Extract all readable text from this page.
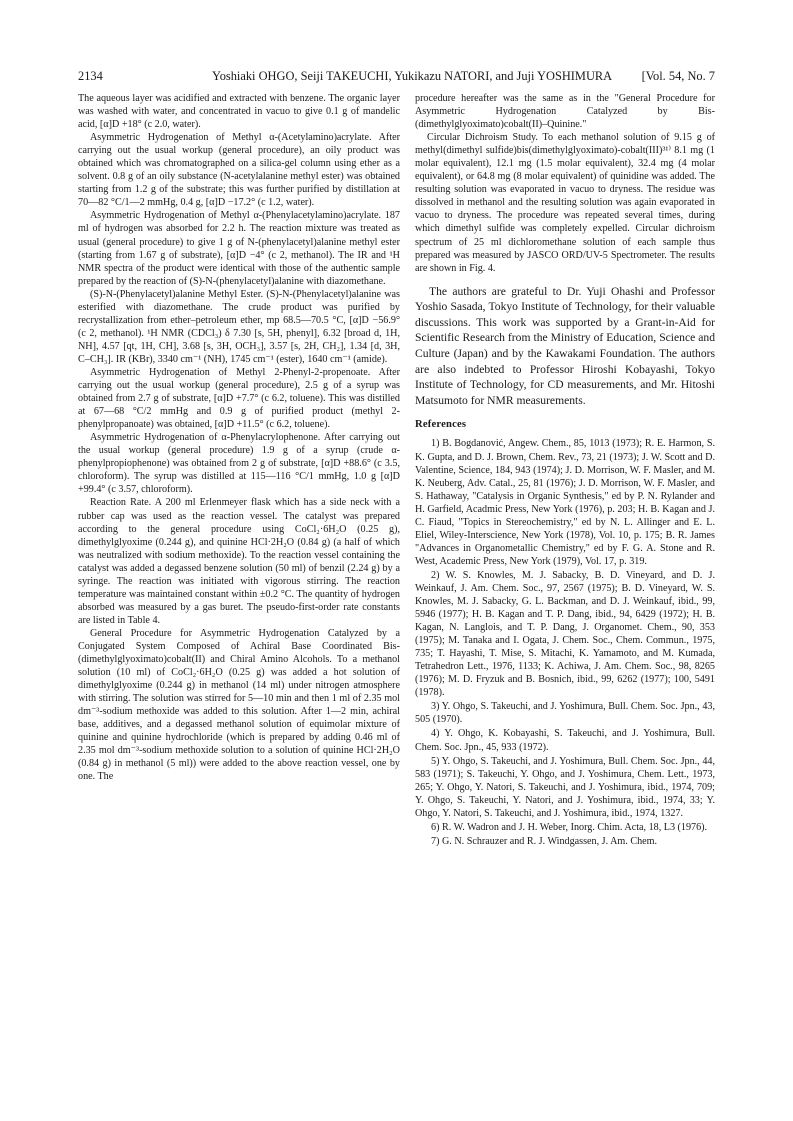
2134	Yoshiaki OHGO, Seiji TAKEUCHI, Yukikazu NATORI, and Juji YOSHIMURA [Vol. 54, No. 7

The aqueous layer was acidified and extracted with benzene. The organic layer was washed with water, and concentrated in vacuo to give 0.1 g of mandelic acid, [α]D +18° (c 2.0, water).

Asymmetric Hydrogenation of Methyl α-(Acetylamino)acrylate. After carrying out the usual workup (general procedure), an oily product was obtained which was chromatographed on a silica-gel column using ether as a solvent. 0.8 g of an oily substance (N-acetylalanine methyl ester) was obtained starting from 1.2 g of the substrate; this was further purified by distillation at 70—82 °C/1—2 mmHg, 0.4 g, [α]D −17.2° (c 1.2, water).

Asymmetric Hydrogenation of Methyl α-(Phenylacetylamino)acrylate. 187 ml of hydrogen was absorbed for 2.2 h. The reaction mixture was treated as usual (general procedure) to give 1 g of N-(phenylacetyl)alanine methyl ester (starting from 1.67 g of substrate), [α]D −4° (c 2, methanol). The IR and ¹H NMR spectra of the product were identical with those of the authentic sample prepared by the reaction of (S)-N-(phenylacetyl)alanine with diazomethane.

(S)-N-(Phenylacetyl)alanine Methyl Ester. (S)-N-(Phenylacetyl)alanine was esterified with diazomethane. The crude product was purified by recrystallization from ether–petroleum ether, mp 68.5—70.5 °C, [α]D −56.9° (c 2, methanol). ¹H NMR (CDCl₃) δ 7.30 [s, 5H, phenyl], 6.32 [broad d, 1H, NH], 4.57 [qt, 1H, CH], 3.68 [s, 3H, OCH₃], 3.57 [s, 2H, CH₂], 1.34 [d, 3H, C–CH₃]. IR (KBr), 3340 cm⁻¹ (NH), 1745 cm⁻¹ (ester), 1640 cm⁻¹ (amide).

Asymmetric Hydrogenation of Methyl 2-Phenyl-2-propenoate. After carrying out the usual workup (general procedure), 2.5 g of a syrup was obtained from 2.7 g of substrate, [α]D +7.7° (c 6.2, toluene). This was distilled at 67—68 °C/2 mmHg and 0.9 g of purified product (methyl 2-phenylpropanoate) was obtained, [α]D +11.5° (c 6.2, toluene).

Asymmetric Hydrogenation of α-Phenylacrylophenone. After carrying out the usual workup (general procedure) 1.9 g of a syrup (crude α-phenylpropiophenone) was obtained from 2 g of substrate, [α]D +88.6° (c 3.5, chloroform). The syrup was distilled at 115—116 °C/1 mmHg, 1.0 g [α]D +99.4° (c 3.57, chloroform).

Reaction Rate. A 200 ml Erlenmeyer flask which has a side neck with a rubber cap was used as the reaction vessel. The catalyst was prepared according to the general procedure using CoCl₂·6H₂O (0.25 g), dimethylglyoxime (0.244 g), and quinine HCl·2H₂O (0.84 g) (a half of which was neutralized with sodium methoxide). To the reaction vessel containing the catalyst was added a degassed benzene solution (50 ml) of benzil (2.24 g) by a syringe. The reaction was initiated with vigorous stirring. The reaction temperature was maintained constant within ±0.2 °C. The quantity of hydrogen absorbed was measured by a gas buret. The pseudo-first-order rate constants are listed in Table 4.

General Procedure for Asymmetric Hydrogenation Catalyzed by a Conjugated System Composed of Achiral Base Coordinated Bis-(dimethylglyoximato)cobalt(II) and Chiral Amino Alcohols. To a methanol solution (10 ml) of CoCl₂·6H₂O (0.25 g) was added a hot solution of dimethylglyoxime (0.244 g) in methanol (14 ml) under nitrogen atmosphere with stirring. The solution was stirred for 5—10 min and then 1 ml of 2.35 mol dm⁻³-sodium methoxide was added to this solution. After 1—2 min, achiral base, additives, and a degassed methanol solution of equimolar mixture of quinine and quinine hydrochloride (which is prepared by adding 0.46 ml of 2.35 mol dm⁻³-sodium methoxide solution to a solution of quinine HCl·2H₂O (0.84 g) in methanol (5 ml)) were added to the above reaction vessel, one by one. The

procedure hereafter was the same as in the "General Procedure for Asymmetric Hydrogenation Catalyzed by Bis-(dimethylglyoximato)cobalt(II)–Quinine."

Circular Dichroism Study. To each methanol solution of 9.15 g of methyl(dimethyl sulfide)bis(dimethylglyoximato)-cobalt(III)³¹⁾ 8.1 mg (1 molar equivalent), 12.1 mg (1.5 molar equivalent), 32.4 mg (4 molar equivalent), or 64.8 mg (8 molar equivalent) of quinidine was added. The resulting solution was evaporated in vacuo to dryness. The residue was dissolved in methanol and the resulting solution was again evaporated in vacuo to dryness. The procedure was repeated several times, during which dimethyl sulfide was completely expelled. Circular dichroism spectrum of 25 ml dichloromethane solution of each sample thus prepared was measured by JASCO ORD/UV-5 Spectrometer. The results are shown in Fig. 4.

The authors are grateful to Dr. Yuji Ohashi and Professor Yoshio Sasada, Tokyo Institute of Technology, for their valuable discussions. This work was supported by a Grant-in-Aid for Scientific Research from the Ministry of Education, Science and Culture (Japan) and by the Kawakami Foundation. The authors are also indebted to Professor Hiroshi Kobayashi, Tokyo Institute of Technology, for CD measurements, and Mr. Hitoshi Matsumoto for NMR measurements.

References

1) B. Bogdanović, Angew. Chem., 85, 1013 (1973); R. E. Harmon, S. K. Gupta, and D. J. Brown, Chem. Rev., 73, 21 (1973); J. W. Scott and D. Valentine, Science, 184, 943 (1974); J. D. Morrison, W. F. Masler, and M. K. Neuberg, Adv. Catal., 25, 81 (1976); J. D. Morrison, W. F. Masler, and S. Hathaway, "Catalysis in Organic Synthesis," ed by P. N. Rylander and H. Garfield, Acadmic Press, New York (1976), p. 203; H. B. Kagan and J. C. Fiaud, "Topics in Stereochemistry," ed by N. L. Allinger and E. L. Eliel, Wiley-Interscience, New York (1978), Vol. 10, p. 175; B. R. James "Advances in Organometallic Chemistry," ed by F. G. A. Stone and R. West, Academic Press, New York (1979), Vol. 17, p. 319.

2) W. S. Knowles, M. J. Sabacky, B. D. Vineyard, and D. J. Weinkauf, J. Am. Chem. Soc., 97, 2567 (1975); B. D. Vineyard, W. S. Knowles, M. J. Sabacky, G. L. Backman, and D. J. Weinkauf, ibid., 99, 5946 (1977); H. B. Kagan and T. P. Dang, ibid., 94, 6429 (1972); H. B. Kagan, N. Langlois, and T. P. Dang, J. Organomet. Chem., 90, 353 (1975); M. Tanaka and I. Ogata, J. Chem. Soc., Chem. Commun., 1975, 735; T. Hayashi, T. Mise, S. Mitachi, K. Yamamoto, and M. Kumada, Tetrahedron Lett., 1976, 1133; K. Achiwa, J. Am. Chem. Soc., 98, 8265 (1976); M. D. Fryzuk and B. Bosnich, ibid., 99, 6262 (1977); 100, 5491 (1978).

3) Y. Ohgo, S. Takeuchi, and J. Yoshimura, Bull. Chem. Soc. Jpn., 43, 505 (1970).

4) Y. Ohgo, K. Kobayashi, S. Takeuchi, and J. Yoshimura, Bull. Chem. Soc. Jpn., 45, 933 (1972).

5) Y. Ohgo, S. Takeuchi, and J. Yoshimura, Bull. Chem. Soc. Jpn., 44, 583 (1971); S. Takeuchi, Y. Ohgo, and J. Yoshimura, Chem. Lett., 1973, 265; Y. Ohgo, Y. Natori, S. Takeuchi, and J. Yoshimura, ibid., 1974, 709; Y. Ohgo, S. Takeuchi, Y. Natori, and J. Yoshimura, ibid., 1974, 33; Y. Ohgo, Y. Natori, S. Takeuchi, and J. Yoshimura, ibid., 1974, 1327.

6) R. W. Wadron and J. H. Weber, Inorg. Chim. Acta, 18, L3 (1976).

7) G. N. Schrauzer and R. J. Windgassen, J. Am. Chem.
